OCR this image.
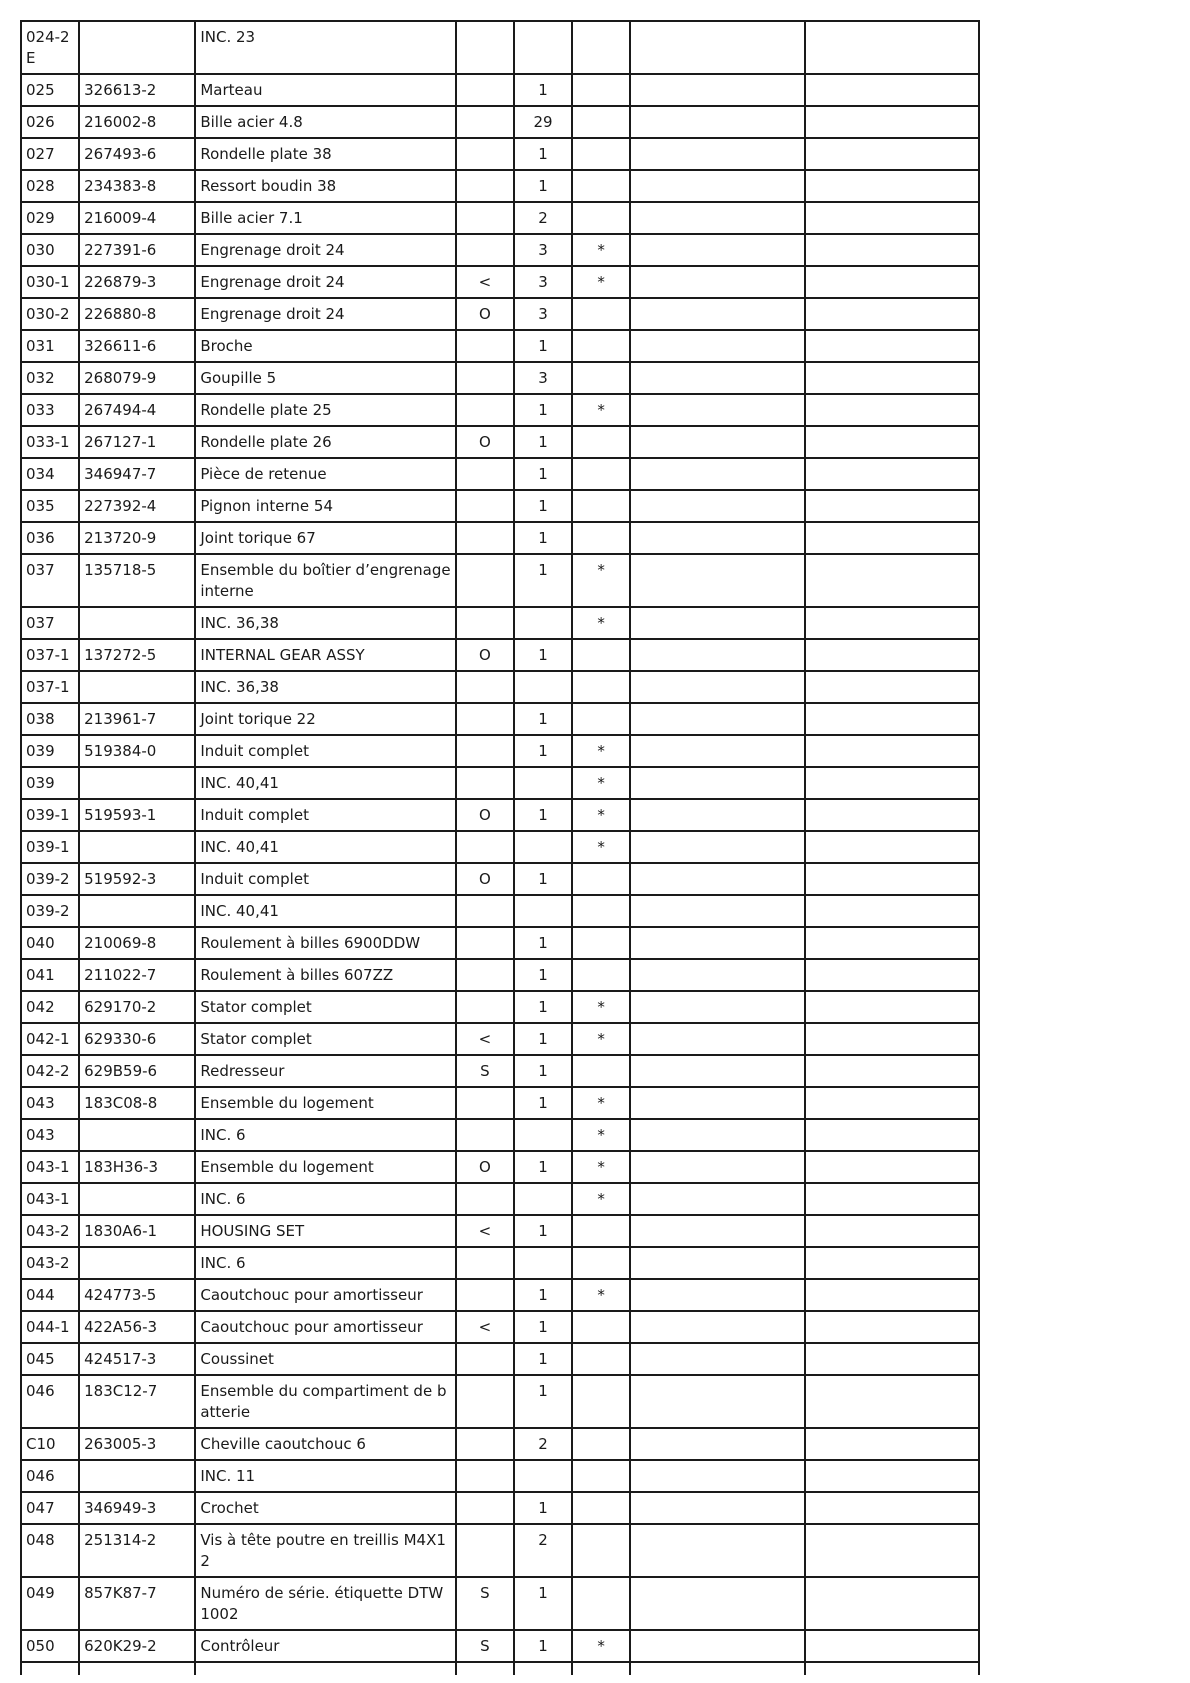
024-2 E		INC. 23					
025	326613-2	Marteau		1			
026	216002-8	Bille acier 4.8		29			
027	267493-6	Rondelle plate 38		1			
028	234383-8	Ressort boudin 38		1			
029	216009-4	Bille acier 7.1		2			
030	227391-6	Engrenage droit 24		3	*		
030-1	226879-3	Engrenage droit 24	<	3	*		
030-2	226880-8	Engrenage droit 24	O	3			
031	326611-6	Broche		1			
032	268079-9	Goupille 5		3			
033	267494-4	Rondelle plate 25		1	*		
033-1	267127-1	Rondelle plate 26	O	1			
034	346947-7	Pièce de retenue		1			
035	227392-4	Pignon interne 54		1			
036	213720-9	Joint torique 67		1			
037	135718-5	Ensemble du boîtier d’engrenage interne		1	*		
037		INC. 36,38			*		
037-1	137272-5	INTERNAL GEAR ASSY	O	1			
037-1		INC. 36,38					
038	213961-7	Joint torique 22		1			
039	519384-0	Induit complet		1	*		
039		INC. 40,41			*		
039-1	519593-1	Induit complet	O	1	*		
039-1		INC. 40,41			*		
039-2	519592-3	Induit complet	O	1			
039-2		INC. 40,41					
040	210069-8	Roulement à billes 6900DDW		1			
041	211022-7	Roulement à billes 607ZZ		1			
042	629170-2	Stator complet		1	*		
042-1	629330-6	Stator complet	<	1	*		
042-2	629B59-6	Redresseur	S	1			
043	183C08-8	Ensemble du logement		1	*		
043		INC. 6			*		
043-1	183H36-3	Ensemble du logement	O	1	*		
043-1		INC. 6			*		
043-2	1830A6-1	HOUSING SET	<	1			
043-2		INC. 6					
044	424773-5	Caoutchouc pour amortisseur		1	*		
044-1	422A56-3	Caoutchouc pour amortisseur	<	1			
045	424517-3	Coussinet		1			
046	183C12-7	Ensemble du compartiment de batterie		1			
C10	263005-3	Cheville caoutchouc 6		2			
046		INC. 11					
047	346949-3	Crochet		1			
048	251314-2	Vis à tête poutre en treillis M4X12		2			
049	857K87-7	Numéro de série. étiquette DTW1002	S	1			
050	620K29-2	Contrôleur	S	1	*		
